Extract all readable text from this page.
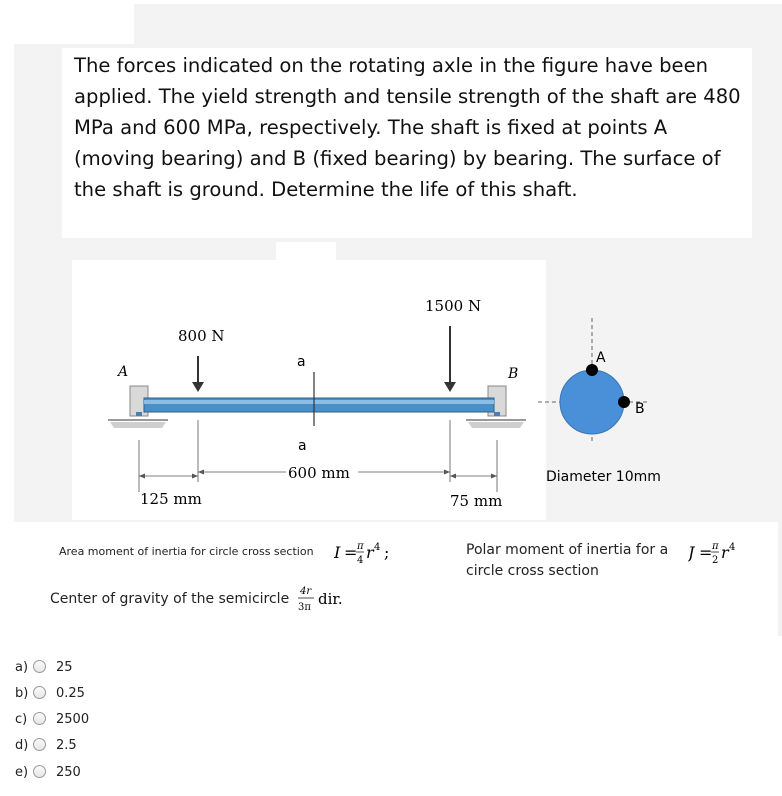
The forces indicated on the rotating axle in the figure have been applied. The yield strength and tensile strength of the shaft are 480 MPa and 600 MPa, respectively. The shaft is fixed at points A (moving bearing) and B (fixed bearing) by bearing. The surface of the shaft is ground. Determine the life of this shaft.

a
a
800 N
1500 N
A	B
600 mm
125 mm	75 mm
A
B
Diameter 10mm
Area moment of inertia for circle cross section I = π
4 r 4 ;	Polar moment of inertia for a
circle cross section
J = π
2 r 4
Center of gravity of the semicircle 4r
3π dir.
a) 25
b) 0.25
c) 2500
d) 2.5
e) 250
